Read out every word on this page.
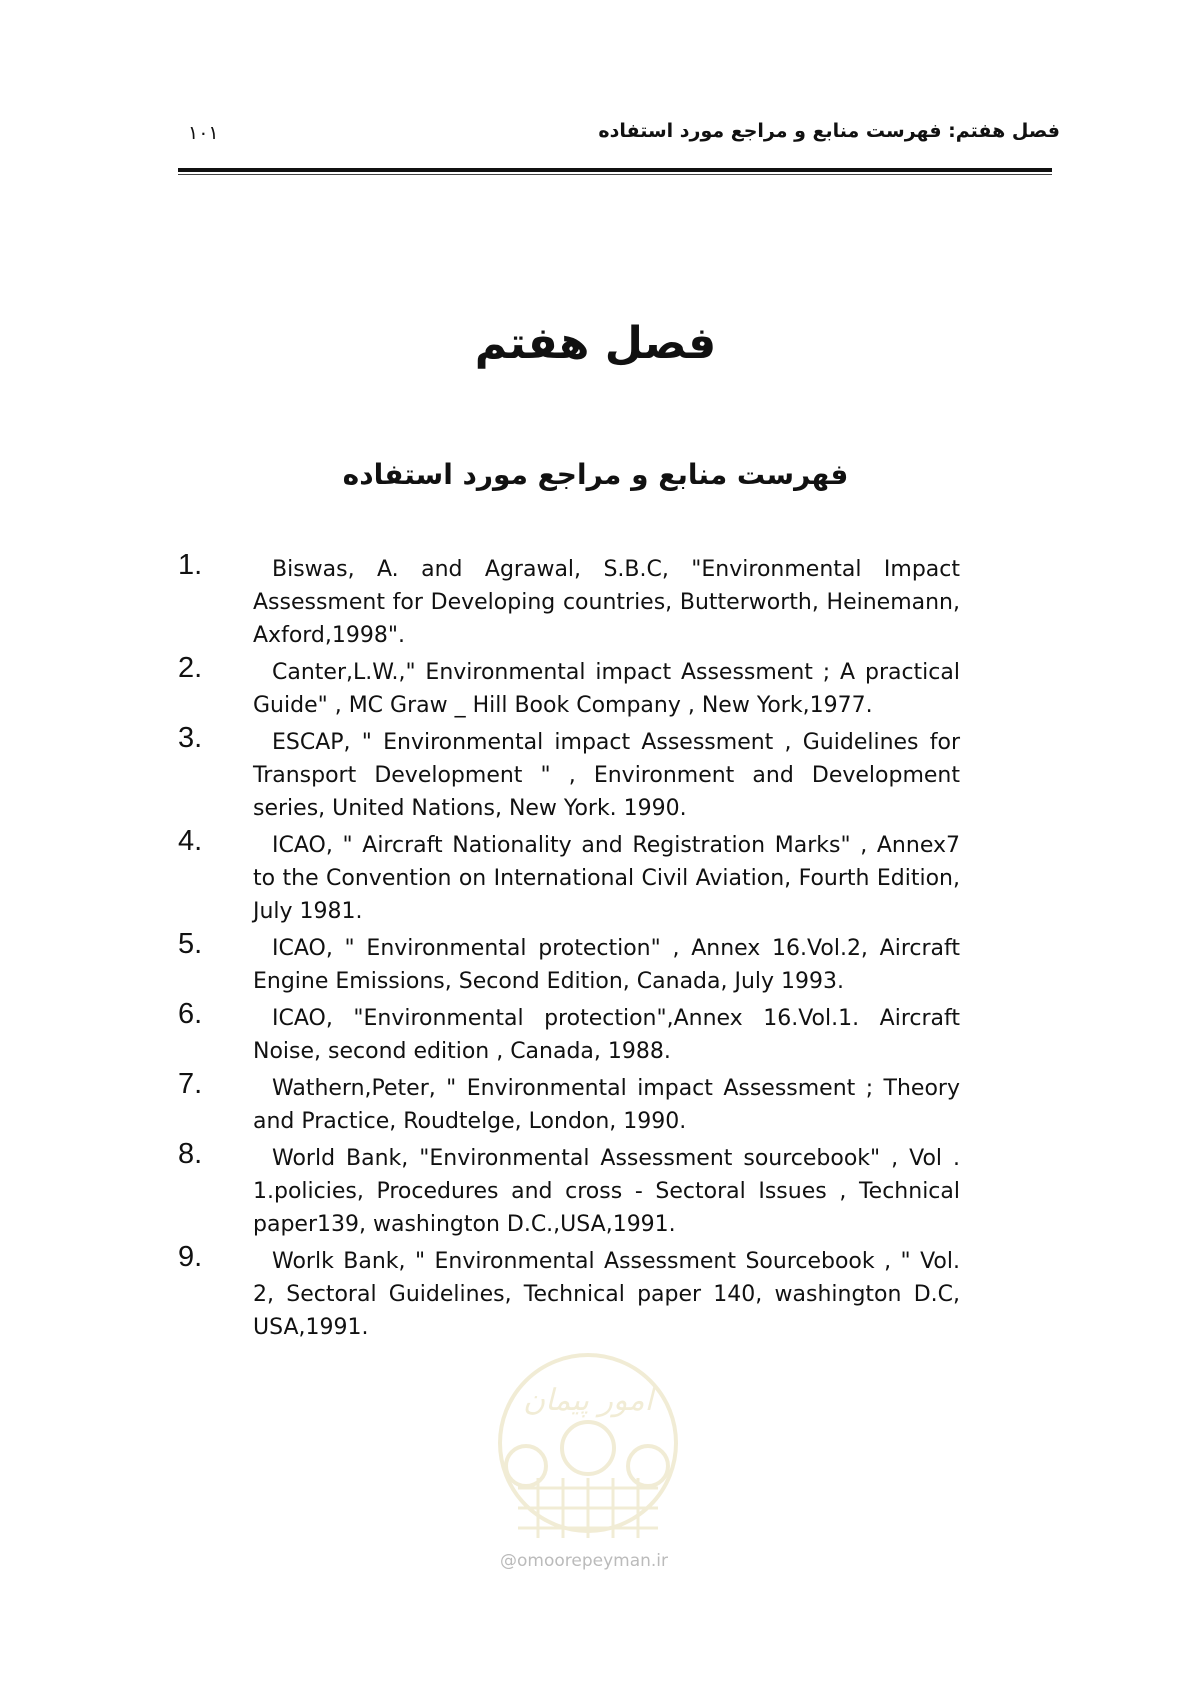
۱۰۱	فصل هفتم: فهرست منابع و مراجع مورد استفاده
فصل هفتم
فهرست منابع و مراجع مورد استفاده
1.	Biswas, A. and Agrawal, S.B.C, "Environmental Impact Assessment for Developing countries, Butterworth, Heinemann, Axford,1998".
2.	Canter,L.W.," Environmental impact Assessment ; A practical Guide" , MC Graw _ Hill Book Company , New York,1977.
3.	ESCAP, " Environmental impact Assessment , Guidelines for Transport Development " , Environment and Development series, United Nations, New York. 1990.
4.	ICAO, " Aircraft Nationality and Registration Marks" , Annex7 to the Convention on International Civil Aviation, Fourth Edition, July 1981.
5.	ICAO, " Environmental protection" , Annex 16.Vol.2, Aircraft Engine Emissions, Second Edition, Canada, July 1993.
6.	ICAO, "Environmental protection",Annex 16.Vol.1. Aircraft Noise, second edition , Canada, 1988.
7.	Wathern,Peter, " Environmental impact Assessment ; Theory and Practice, Roudtelge, London, 1990.
8.	World Bank, "Environmental Assessment sourcebook" , Vol . 1.policies, Procedures and cross - Sectoral Issues , Technical paper139, washington D.C.,USA,1991.
9.	Worlk Bank, " Environmental Assessment Sourcebook , " Vol. 2, Sectoral Guidelines, Technical paper 140, washington D.C, USA,1991.
امور پیمان
@omoorepeyman.ir
